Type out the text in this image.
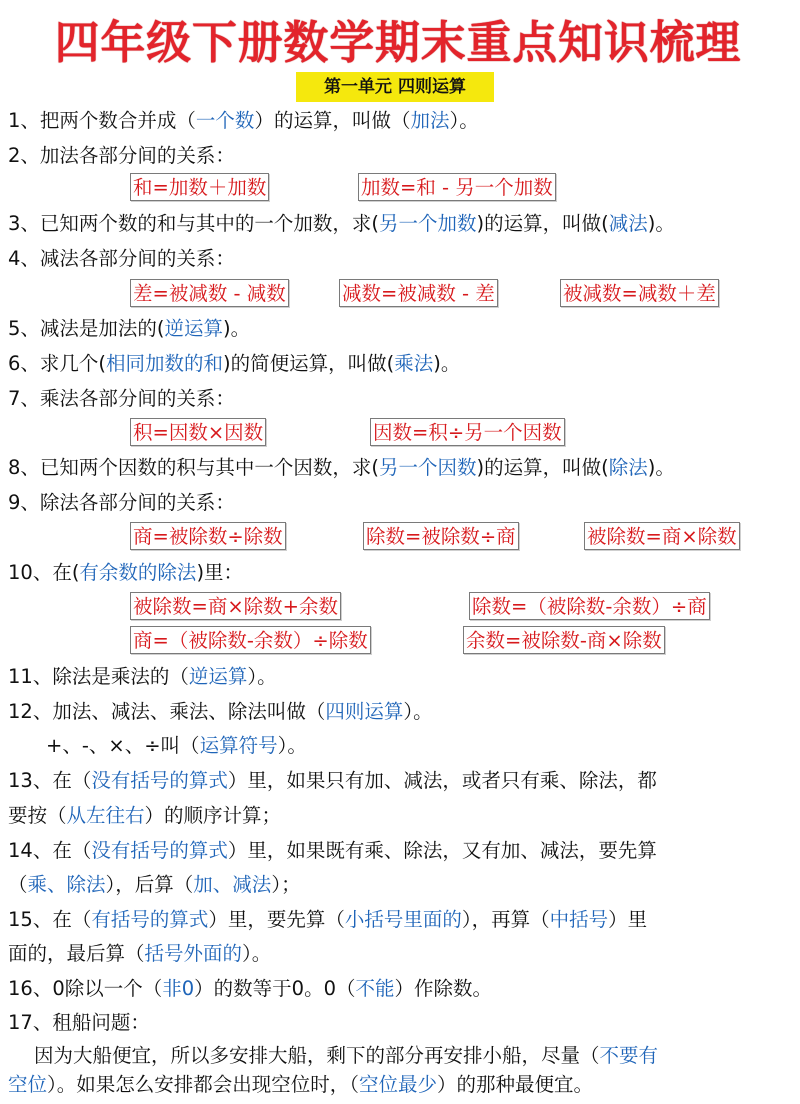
四年级下册数学期末重点知识梳理
第一单元 四则运算
1、把两个数合并成（一个数）的运算，叫做（加法）。
2、加法各部分间的关系：
和=加数＋加数	加数=和 - 另一个加数
3、已知两个数的和与其中的一个加数，求(另一个加数)的运算，叫做(减法)。
4、减法各部分间的关系：
差=被减数 - 减数	减数=被减数 - 差	被减数=减数＋差
5、减法是加法的(逆运算)。
6、求几个(相同加数的和)的简便运算，叫做(乘法)。
7、乘法各部分间的关系：
积=因数×因数	因数=积÷另一个因数
8、已知两个因数的积与其中一个因数，求(另一个因数)的运算，叫做(除法)。
9、除法各部分间的关系：
商=被除数÷除数	除数=被除数÷商	被除数=商×除数
10、在(有余数的除法)里：
被除数=商×除数+余数	除数=（被除数-余数）÷商
商=（被除数-余数）÷除数	余数=被除数-商×除数
11、除法是乘法的（逆运算）。
12、加法、减法、乘法、除法叫做（四则运算）。
+、-、×、÷叫（运算符号）。
13、在（没有括号的算式）里，如果只有加、减法，或者只有乘、除法，都
要按（从左往右）的顺序计算；
14、在（没有括号的算式）里，如果既有乘、除法，又有加、减法，要先算
（乘、除法），后算（加、减法）；
15、在（有括号的算式）里，要先算（小括号里面的），再算（中括号）里
面的，最后算（括号外面的）。
16、0除以一个（非0）的数等于0。0（不能）作除数。
17、租船问题：
因为大船便宜，所以多安排大船，剩下的部分再安排小船，尽量（不要有
空位）。如果怎么安排都会出现空位时，（空位最少）的那种最便宜。
